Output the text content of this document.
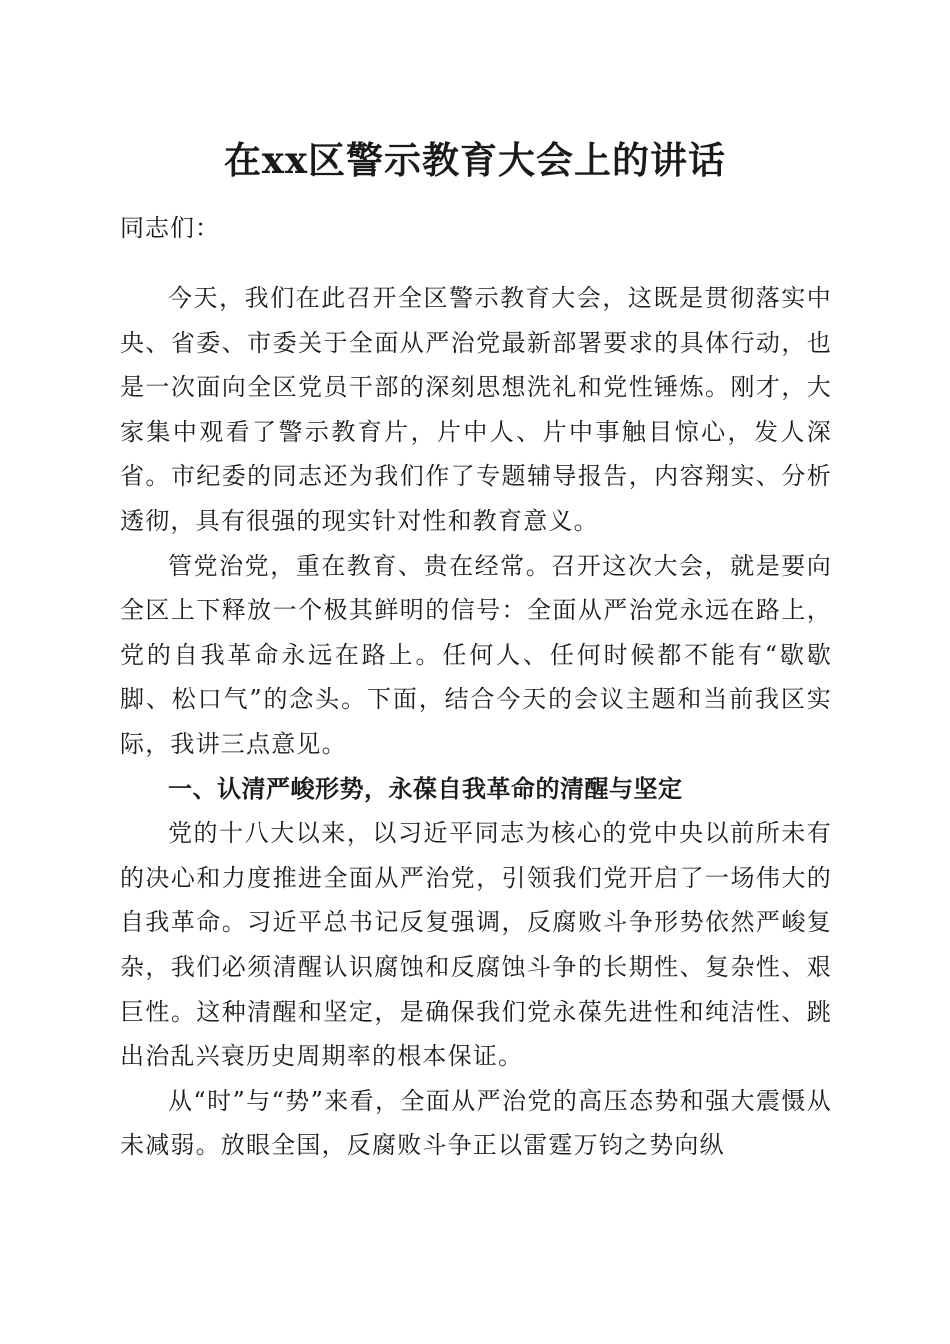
在xx区警示教育大会上的讲话
同志们：

今天，我们在此召开全区警示教育大会，这既是贯彻落实中央、省委、市委关于全面从严治党最新部署要求的具体行动，也是一次面向全区党员干部的深刻思想洗礼和党性锤炼。刚才，大家集中观看了警示教育片，片中人、片中事触目惊心，发人深省。市纪委的同志还为我们作了专题辅导报告，内容翔实、分析透彻，具有很强的现实针对性和教育意义。

管党治党，重在教育、贵在经常。召开这次大会，就是要向全区上下释放一个极其鲜明的信号：全面从严治党永远在路上，党的自我革命永远在路上。任何人、任何时候都不能有“歇歇脚、松口气”的念头。下面，结合今天的会议主题和当前我区实际，我讲三点意见。

一、认清严峻形势，永葆自我革命的清醒与坚定

党的十八大以来，以习近平同志为核心的党中央以前所未有的决心和力度推进全面从严治党，引领我们党开启了一场伟大的自我革命。习近平总书记反复强调，反腐败斗争形势依然严峻复杂，我们必须清醒认识腐蚀和反腐蚀斗争的长期性、复杂性、艰巨性。这种清醒和坚定，是确保我们党永葆先进性和纯洁性、跳出治乱兴衰历史周期率的根本保证。

从“时”与“势”来看，全面从严治党的高压态势和强大震慑从未减弱。放眼全国，反腐败斗争正以雷霆万钧之势向纵
